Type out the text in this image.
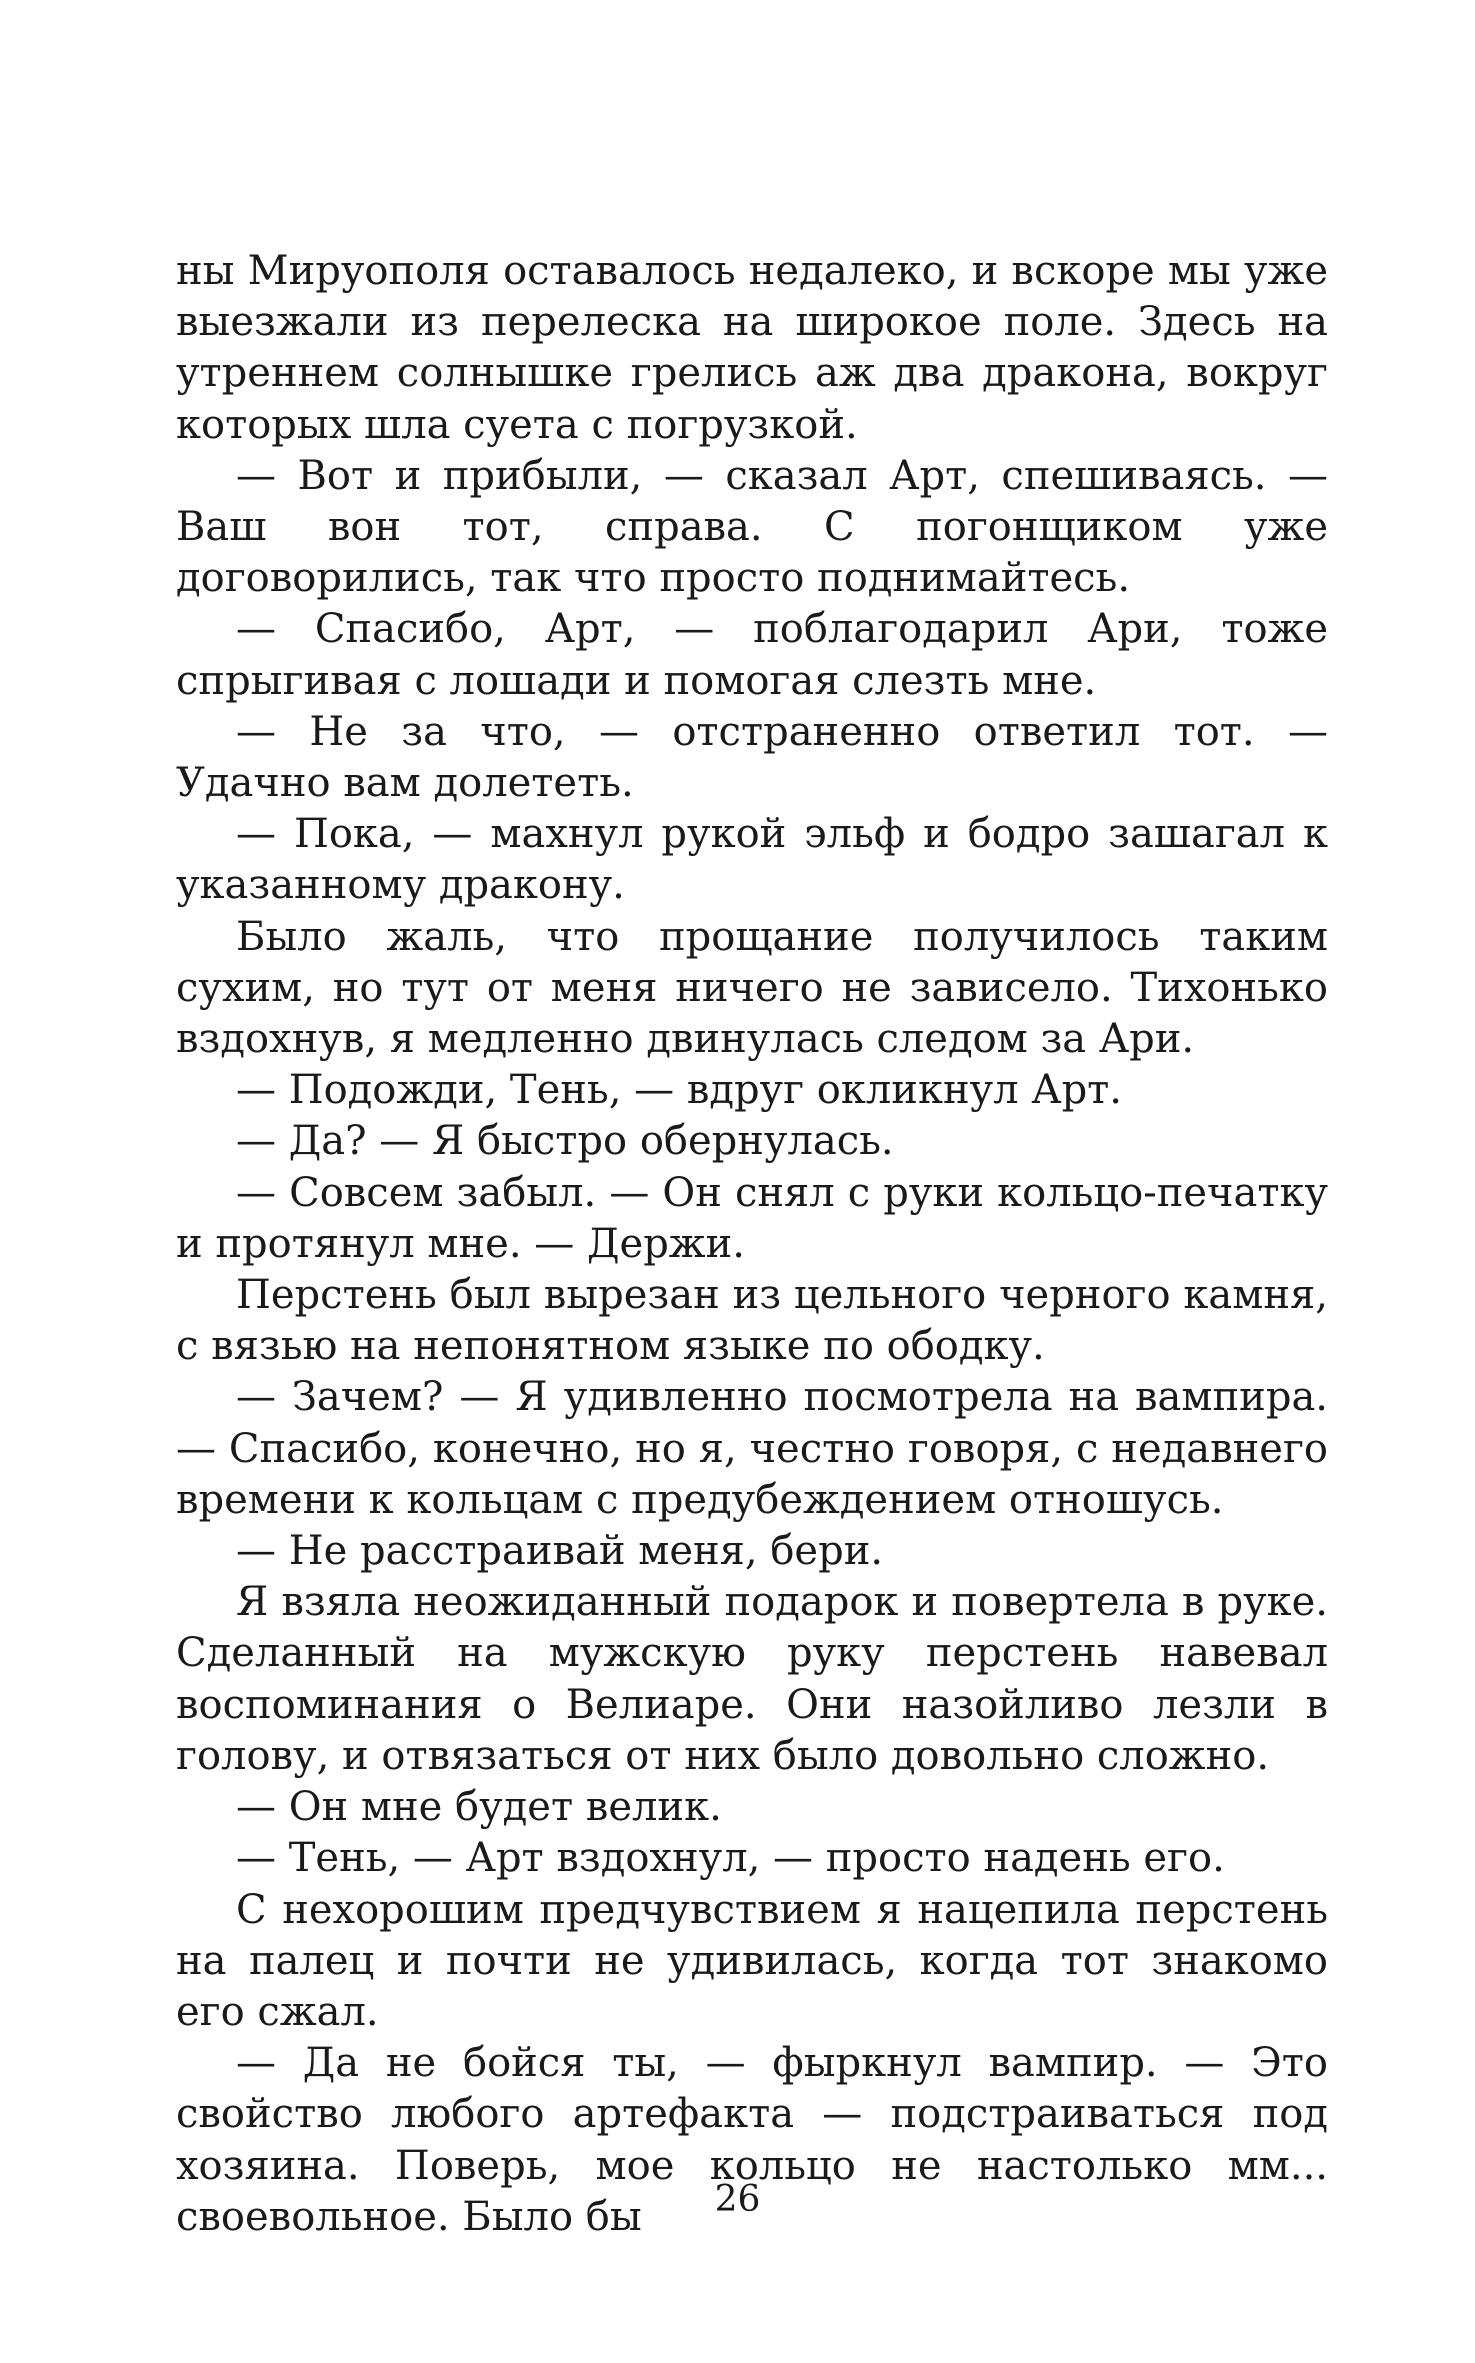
ны Мируополя оставалось недалеко, и вскоре мы уже выезжали из перелеска на широкое поле. Здесь на утреннем солнышке грелись аж два дракона, вокруг которых шла суета с погрузкой.

— Вот и прибыли, — сказал Арт, спешиваясь. — Ваш вон тот, справа. С погонщиком уже договорились, так что просто поднимайтесь.

— Спасибо, Арт, — поблагодарил Ари, тоже спрыгивая с лошади и помогая слезть мне.

— Не за что, — отстраненно ответил тот. — Удачно вам долететь.

— Пока, — махнул рукой эльф и бодро зашагал к указанному дракону.

Было жаль, что прощание получилось таким сухим, но тут от меня ничего не зависело. Тихонько вздохнув, я медленно двинулась следом за Ари.

— Подожди, Тень, — вдруг окликнул Арт.

— Да? — Я быстро обернулась.

— Совсем забыл. — Он снял с руки кольцо-печатку и протянул мне. — Держи.

Перстень был вырезан из цельного черного камня, с вязью на непонятном языке по ободку.

— Зачем? — Я удивленно посмотрела на вампира. — Спасибо, конечно, но я, честно говоря, с недавнего времени к кольцам с предубеждением отношусь.

— Не расстраивай меня, бери.

Я взяла неожиданный подарок и повертела в руке. Сделанный на мужскую руку перстень навевал воспоминания о Велиаре. Они назойливо лезли в голову, и отвязаться от них было довольно сложно.

— Он мне будет велик.

— Тень, — Арт вздохнул, — просто надень его.

С нехорошим предчувствием я нацепила перстень на палец и почти не удивилась, когда тот знакомо его сжал.

— Да не бойся ты, — фыркнул вампир. — Это свойство любого артефакта — подстраиваться под хозяина. Поверь, мое кольцо не настолько мм... своевольное. Было бы	26
